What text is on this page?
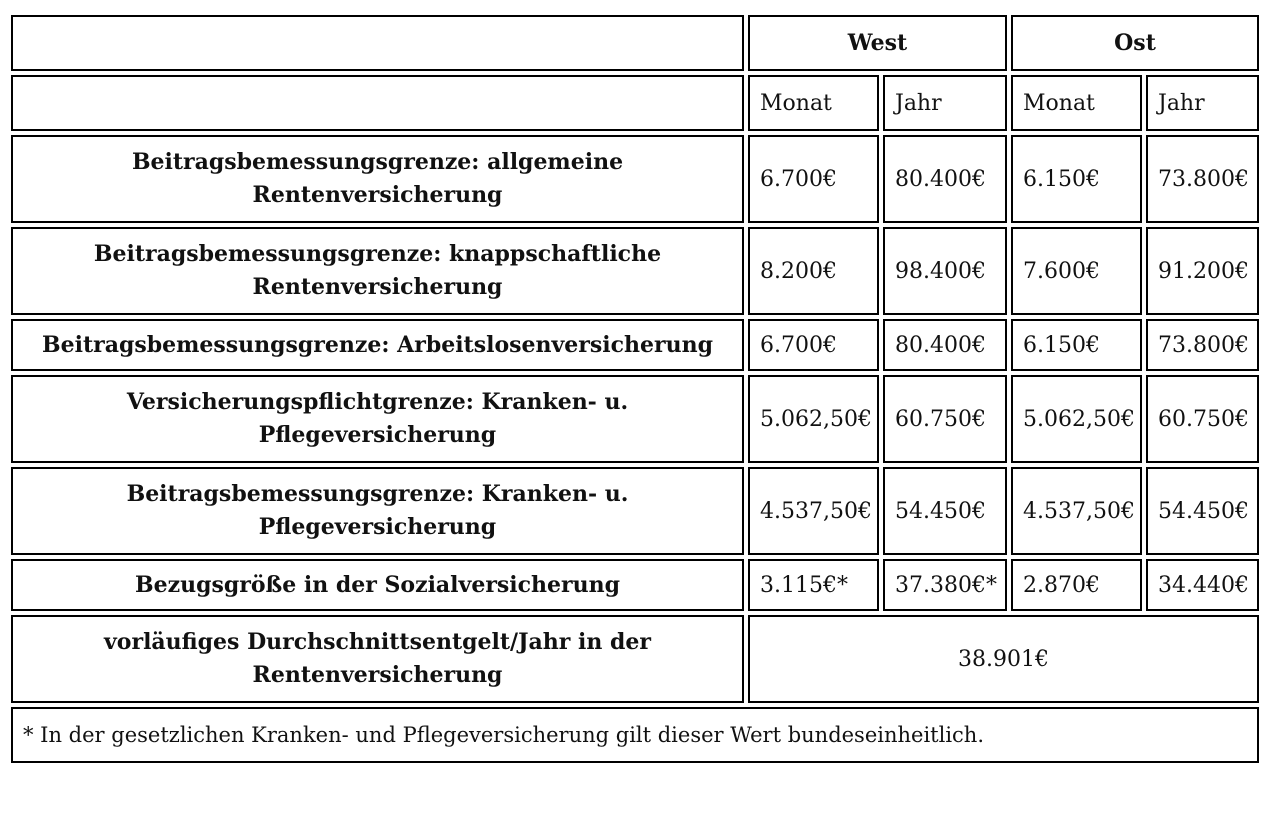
	West		Ost	
	Monat	Jahr	Monat	Jahr
Beitragsbemessungsgrenze: allgemeine Rentenversicherung	6.700€	80.400€	6.150€	73.800€
Beitragsbemessungsgrenze: knappschaftliche Rentenversicherung	8.200€	98.400€	7.600€	91.200€
Beitragsbemessungsgrenze: Arbeitslosenversicherung	6.700€	80.400€	6.150€	73.800€
Versicherungspflichtgrenze: Kranken- u. Pflegeversicherung	5.062,50€	60.750€	5.062,50€	60.750€
Beitragsbemessungsgrenze: Kranken- u. Pflegeversicherung	4.537,50€	54.450€	4.537,50€	54.450€
Bezugsgröße in der Sozialversicherung	3.115€*	37.380€*	2.870€	34.440€
vorläufiges Durchschnittsentgelt/Jahr in der Rentenversicherung	38.901€			
* In der gesetzlichen Kranken- und Pflegeversicherung gilt dieser Wert bundeseinheitlich.				
